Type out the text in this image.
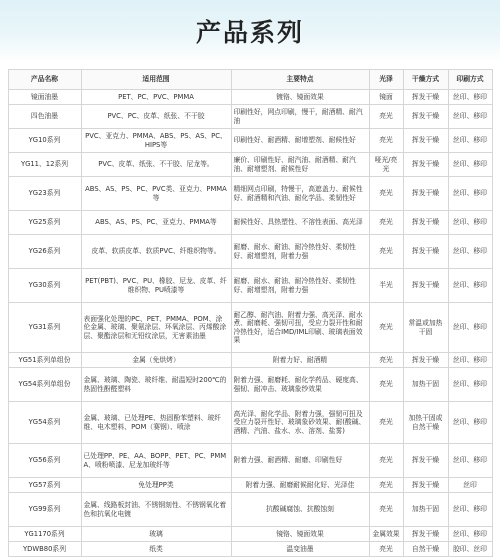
产品系列
产品名称	适用范围	主要特点	光泽	干燥方式	印刷方式
镜面油墨	PET、PC、PVC、PMMA	镀铬、镜面效果	镜面	挥发干燥	丝印、移印
四色油墨	PVC、PC、皮革、纸张、不干胶	印刷性好，网点印刷，慢干，耐酒精、耐汽油	亮光	挥发干燥	丝印、移印
YG10系列	PVC、亚克力、PMMA、ABS、PS、AS、PC、HIPS等	印刷性好、耐酒精、耐增塑剂、耐候性好	亮光	挥发干燥	丝印、移印
YG11、12系列	PVC、皮革、纸张、不干胶、尼龙等。	廉价、印刷性好、耐汽油、耐酒精、耐汽油、耐增塑剂、耐候性好	哑光/亮光	挥发干燥	丝印、移印
YG23系列	ABS、AS、PS、PC、PVC类、亚克力、PMMA等	精细网点印刷，特慢干，高遮盖力、耐候性好、耐酒精和汽油、耐化学品、柔韧性好	亮光	挥发干燥	丝印、移印
YG25系列	ABS、AS、PS、PC、亚克力、PMMA等	耐候性好、具热塑性、不溶性表面、高光泽	亮光	挥发干燥	丝印、移印
YG26系列	皮革、软质皮革、软质PVC、纤维织物等。	耐磨、耐水、耐油、耐冷热性好、柔韧性好、耐增塑剂，附着力强	亮光	挥发干燥	丝印、移印
YG30系列	PET(PBT)、PVC、PU、橡胶、尼龙、皮革、纤维织物、PU喷漆等	耐磨、耐水、耐油、耐冷热性好、柔韧性好、耐增塑剂，附着力强	半光	挥发干燥	丝印、移印
YG31系列	表面强化处理的PC、PET、PMMA、POM、涂伦金属、玻璃、聚氨涂层、环氧涂层、丙烯酸涂层、聚酯涂层和无铅纹涂层，无害素油墨	耐乙醇、耐汽油、附着力强、高光泽、耐水煮、耐磨耗、强韧可扭，受应力裂开性和耐冷热性好，适合IMD/IML印刷、玻璃表面效果	亮光	常温或加热干固	丝印、移印
YG51系列单组份	金属（免烘烤）	附着力好、耐酒精	亮光	挥发干燥	丝印、移印
YG54系列单组份	金属、玻璃、陶瓷、玻纤维、耐温短时200℃的热固性酚醛塑料	附着力强、耐磨耗、耐化学药品、硬度高、强韧、耐冲击、玻璃象纱效果	亮光	加热干固	丝印、移印
YG54系列	金属、玻璃、已处理PE、热固酚苯塑料、玻纤维、电木塑料、POM（赛钢）、喷涂	高光泽、耐化学品、附着力强，强韧可扭及受应力裂开性好、玻璃象砂效果、耐(酸碱、酒精、汽油、盐水、水、溶剂、盐雾)	亮光	加热干固或自然干燥	丝印、移印
YG56系列	已处理PP、PE、AA、BOPP、PET、PC、PMMA、喷粉喷漆、尼龙加玻纤等	附着力强、耐酒精、耐磨、印刷性好	亮光	挥发干燥	丝印、移印
YG57系列	免处理PP类	附着力强、耐磨耐候耐化好、光泽佳	亮光	挥发干燥	丝印
YG99系列	金属、线路板封油、不锈钢刻性、不锈钢氧化着色和抗氧化电镀	抗酸碱腐蚀、抗酸蚀刻	亮光	加热干固	丝印、移印
YG1170系列	玻璃	镜铬、镜面效果	金属效果	挥发干燥	丝印、移印
YDWB80系列	纸类	温变油墨	亮光	自然干燥	胶印、丝印
